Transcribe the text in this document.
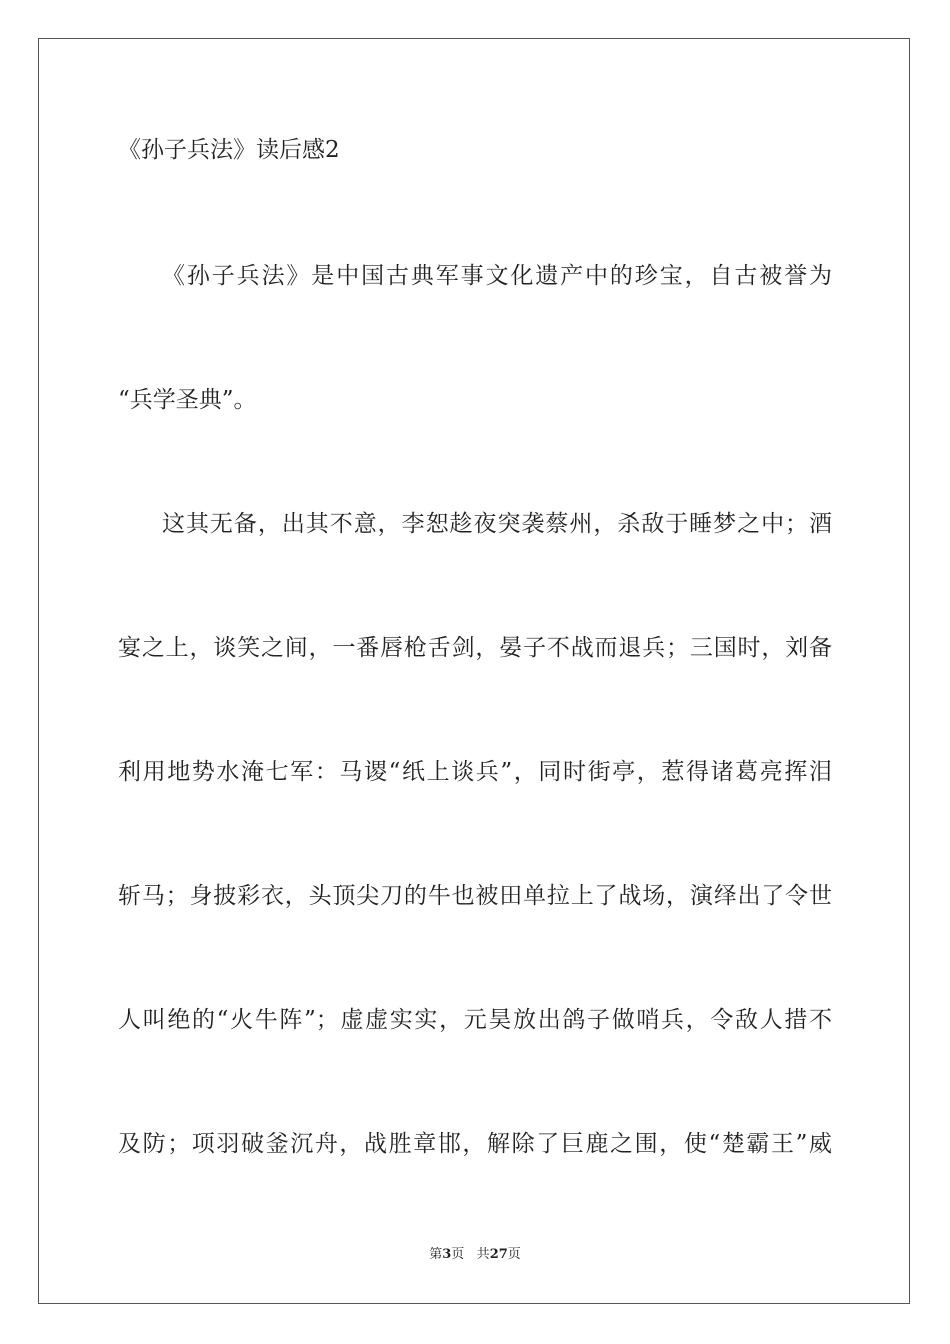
《孙子兵法》读后感2
《孙子兵法》是中国古典军事文化遗产中的珍宝，自古被誉为
“兵学圣典”。
这其无备，出其不意，李恕趁夜突袭蔡州，杀敌于睡梦之中；酒
宴之上，谈笑之间，一番唇枪舌剑，晏子不战而退兵；三国时，刘备
利用地势水淹七军：马谡“纸上谈兵”，同时街亭，惹得诸葛亮挥泪
斩马；身披彩衣，头顶尖刀的牛也被田单拉上了战场，演绎出了令世
人叫绝的“火牛阵”；虚虚实实，元昊放出鸽子做哨兵，令敌人措不
及防；项羽破釜沉舟，战胜章邯，解除了巨鹿之围，使“楚霸王”威
第3页 共27页
